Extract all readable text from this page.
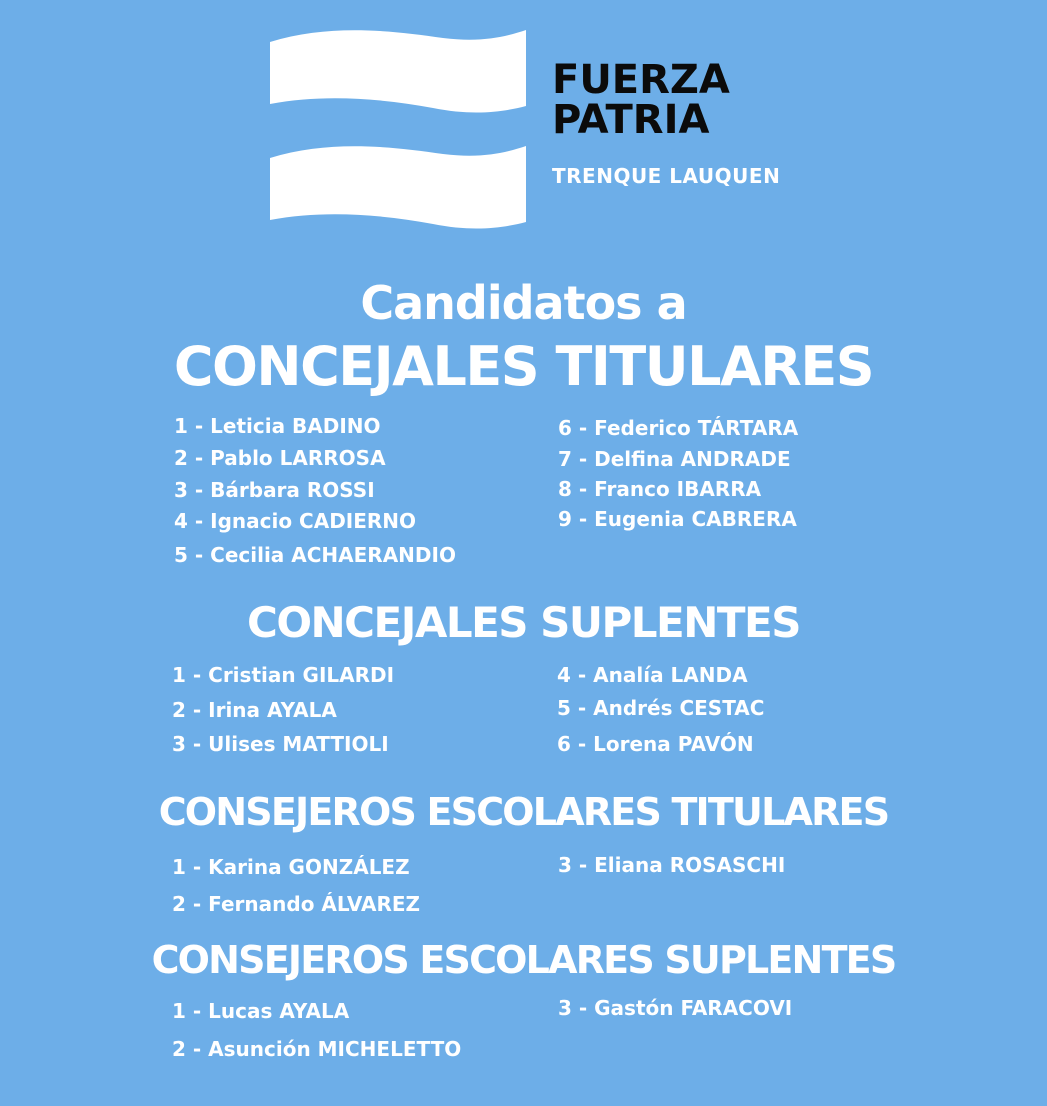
FUERZA
PATRIA
TRENQUE LAUQUEN
Candidatos a
CONCEJALES TITULARES
1 - Leticia BADINO
2 - Pablo LARROSA
3 - Bárbara ROSSI
4 - Ignacio CADIERNO
5 - Cecilia ACHAERANDIO
6 - Federico TÁRTARA
7 - Delfina ANDRADE
8 - Franco IBARRA
9 - Eugenia CABRERA
CONCEJALES SUPLENTES
1 - Cristian GILARDI
2 - Irina AYALA
3 - Ulises MATTIOLI
4 - Analía LANDA
5 - Andrés CESTAC
6 - Lorena PAVÓN
CONSEJEROS ESCOLARES TITULARES
1 - Karina GONZÁLEZ
2 - Fernando ÁLVAREZ
3 - Eliana ROSASCHI
CONSEJEROS ESCOLARES SUPLENTES
1 - Lucas AYALA
2 - Asunción MICHELETTO
3 - Gastón FARACOVI
